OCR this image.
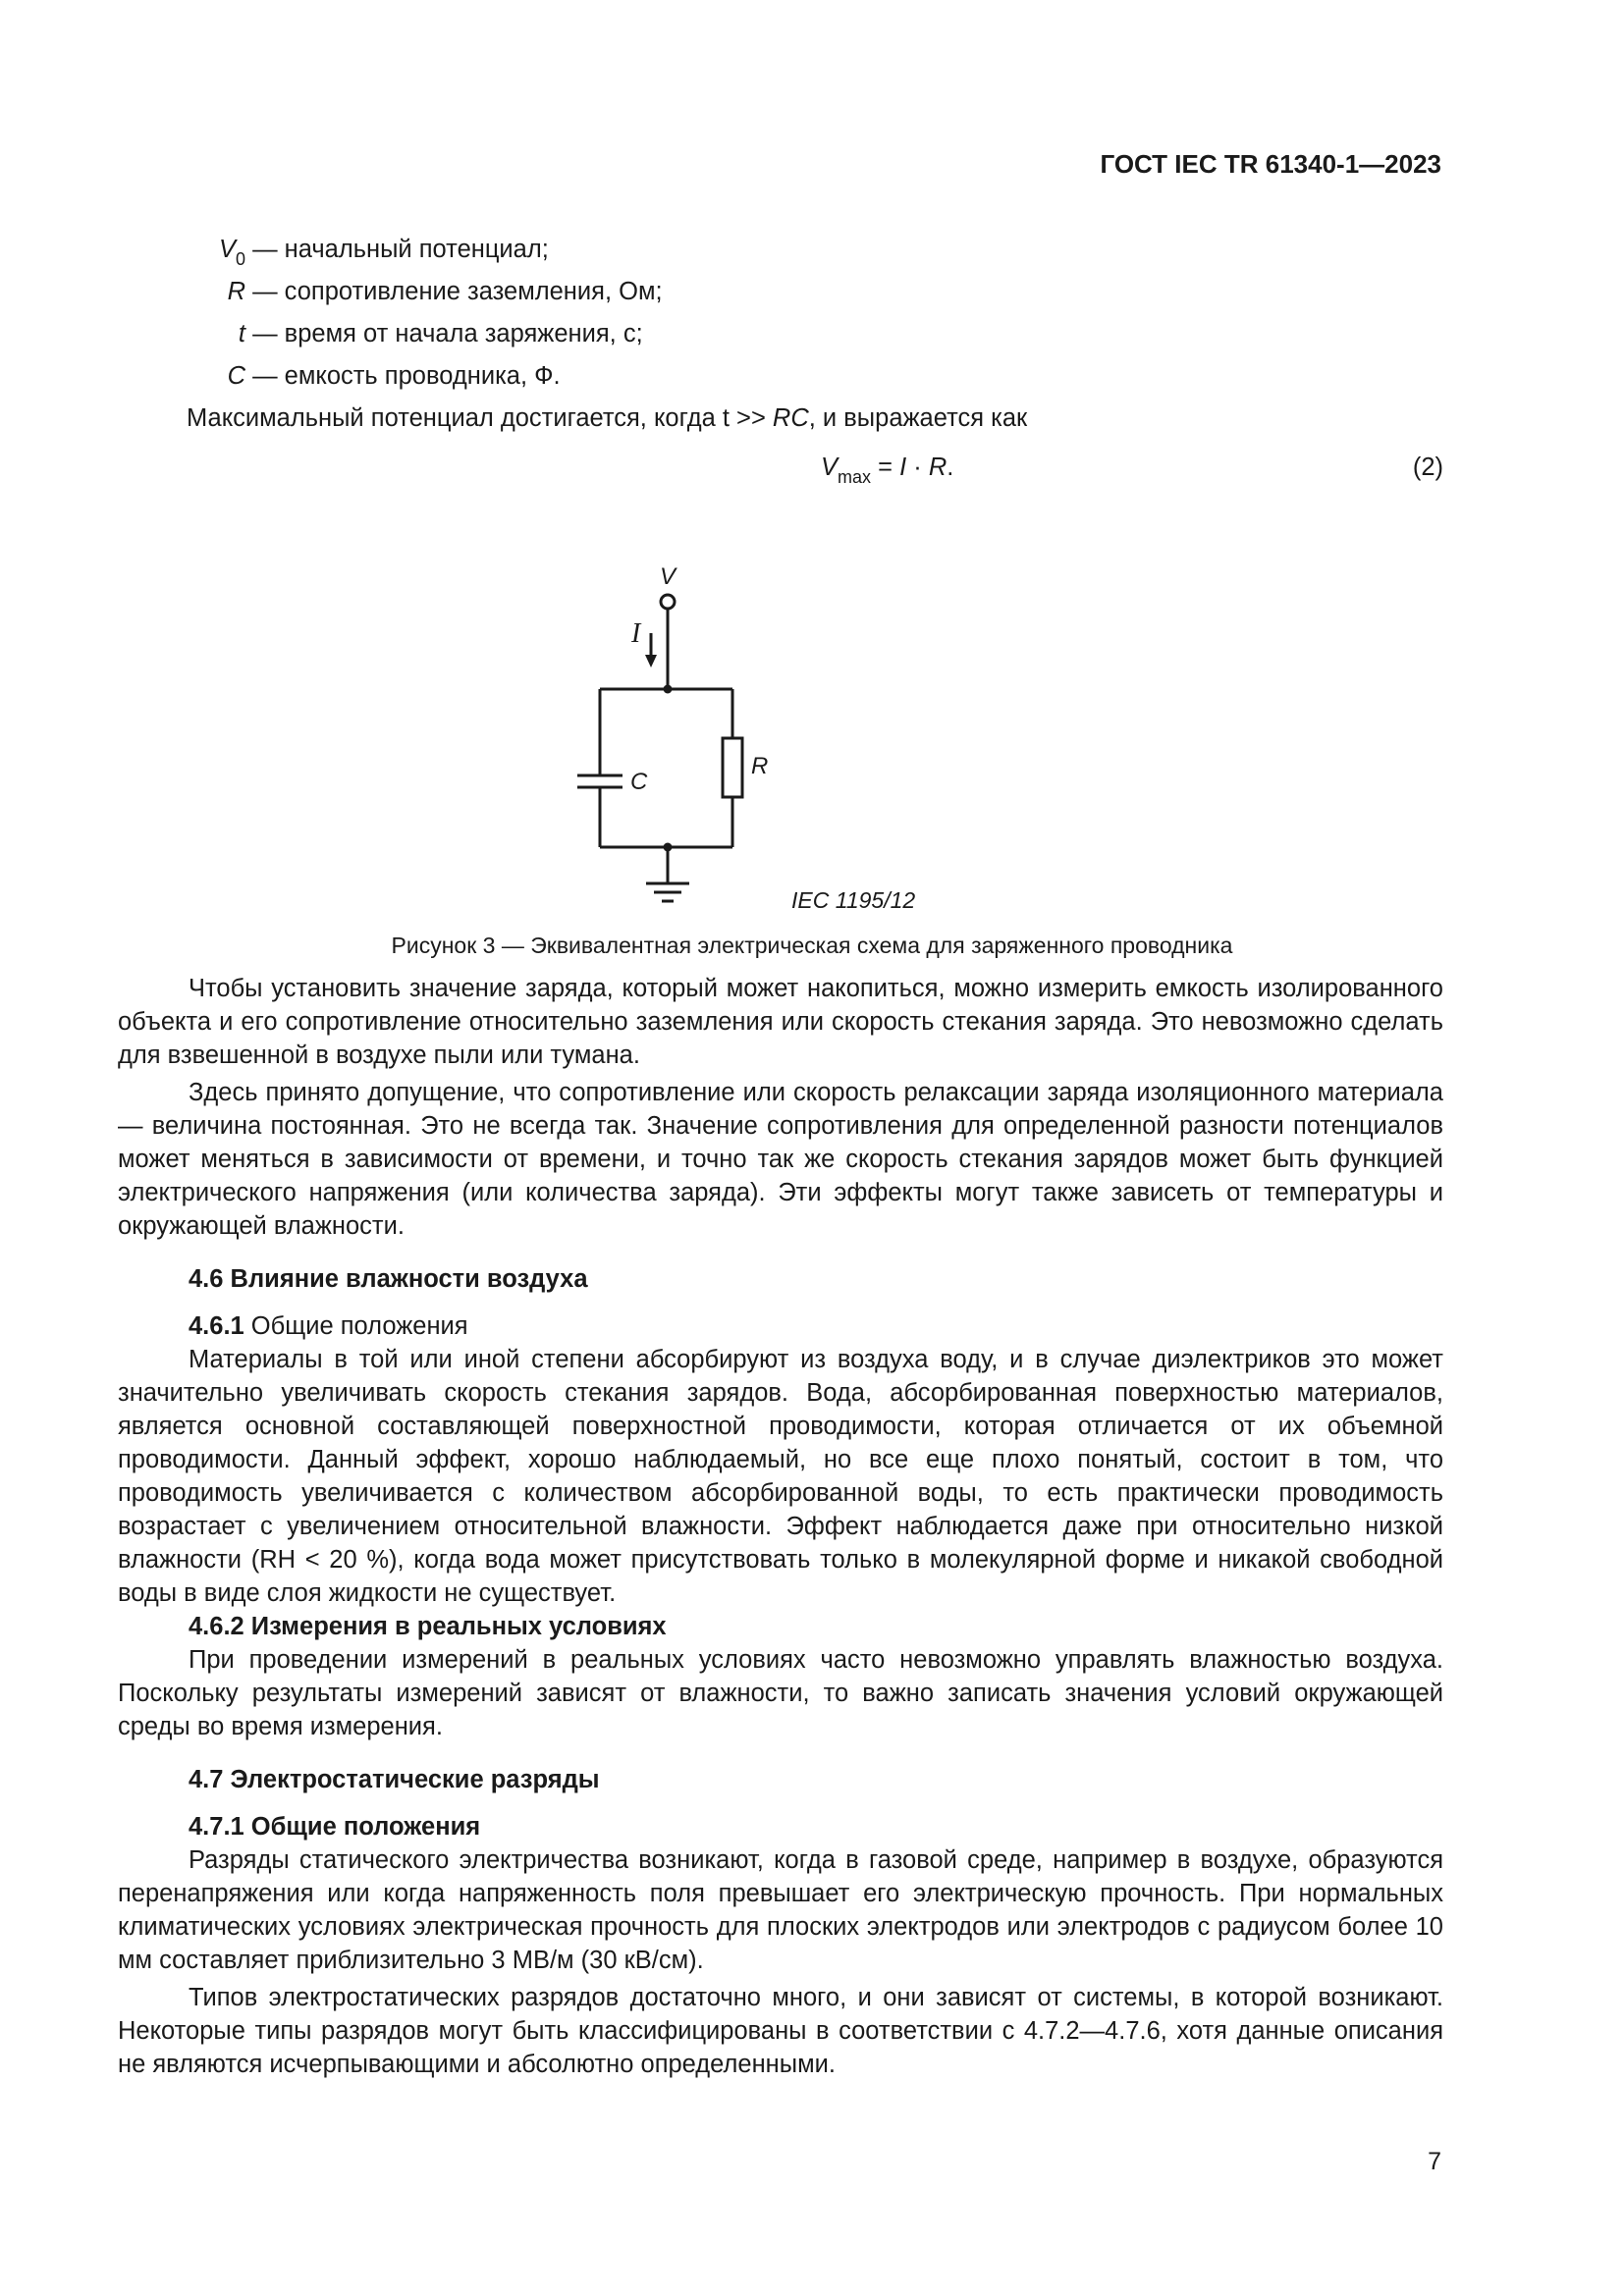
ГОСТ IEC TR 61340-1—2023
$V_0$ — начальный потенциал;
R — сопротивление заземления, Ом;
t — время от начала заряжения, с;
C — емкость проводника, Ф.
Максимальный потенциал достигается, когда t >> RC, и выражается как
$V_{max} = I \cdot R$.	(2)
V
I
C
R
IEC 1195/12
Рисунок 3 — Эквивалентная электрическая схема для заряженного проводника

Чтобы установить значение заряда, который может накопиться, можно измерить емкость изолированного объекта и его сопротивление относительно заземления или скорость стекания заряда. Это невозможно сделать для взвешенной в воздухе пыли или тумана.

Здесь принято допущение, что сопротивление или скорость релаксации заряда изоляционного материала — величина постоянная. Это не всегда так. Значение сопротивления для определенной разности потенциалов может меняться в зависимости от времени, и точно так же скорость стекания зарядов может быть функцией электрического напряжения (или количества заряда). Эти эффекты могут также зависеть от температуры и окружающей влажности.

4.6 Влияние влажности воздуха

4.6.1 Общие положения

Материалы в той или иной степени абсорбируют из воздуха воду, и в случае диэлектриков это может значительно увеличивать скорость стекания зарядов. Вода, абсорбированная поверхностью материалов, является основной составляющей поверхностной проводимости, которая отличается от их объемной проводимости. Данный эффект, хорошо наблюдаемый, но все еще плохо понятый, состоит в том, что проводимость увеличивается с количеством абсорбированной воды, то есть практически проводимость возрастает с увеличением относительной влажности. Эффект наблюдается даже при относительно низкой влажности (RH < 20 %), когда вода может присутствовать только в молекулярной форме и никакой свободной воды в виде слоя жидкости не существует.

4.6.2 Измерения в реальных условиях

При проведении измерений в реальных условиях часто невозможно управлять влажностью воздуха. Поскольку результаты измерений зависят от влажности, то важно записать значения условий окружающей среды во время измерения.

4.7 Электростатические разряды

4.7.1 Общие положения

Разряды статического электричества возникают, когда в газовой среде, например в воздухе, образуются перенапряжения или когда напряженность поля превышает его электрическую прочность. При нормальных климатических условиях электрическая прочность для плоских электродов или электродов с радиусом более 10 мм составляет приблизительно 3 МВ/м (30 кВ/см).

Типов электростатических разрядов достаточно много, и они зависят от системы, в которой возникают. Некоторые типы разрядов могут быть классифицированы в соответствии с 4.7.2—4.7.6, хотя данные описания не являются исчерпывающими и абсолютно определенными.

7
